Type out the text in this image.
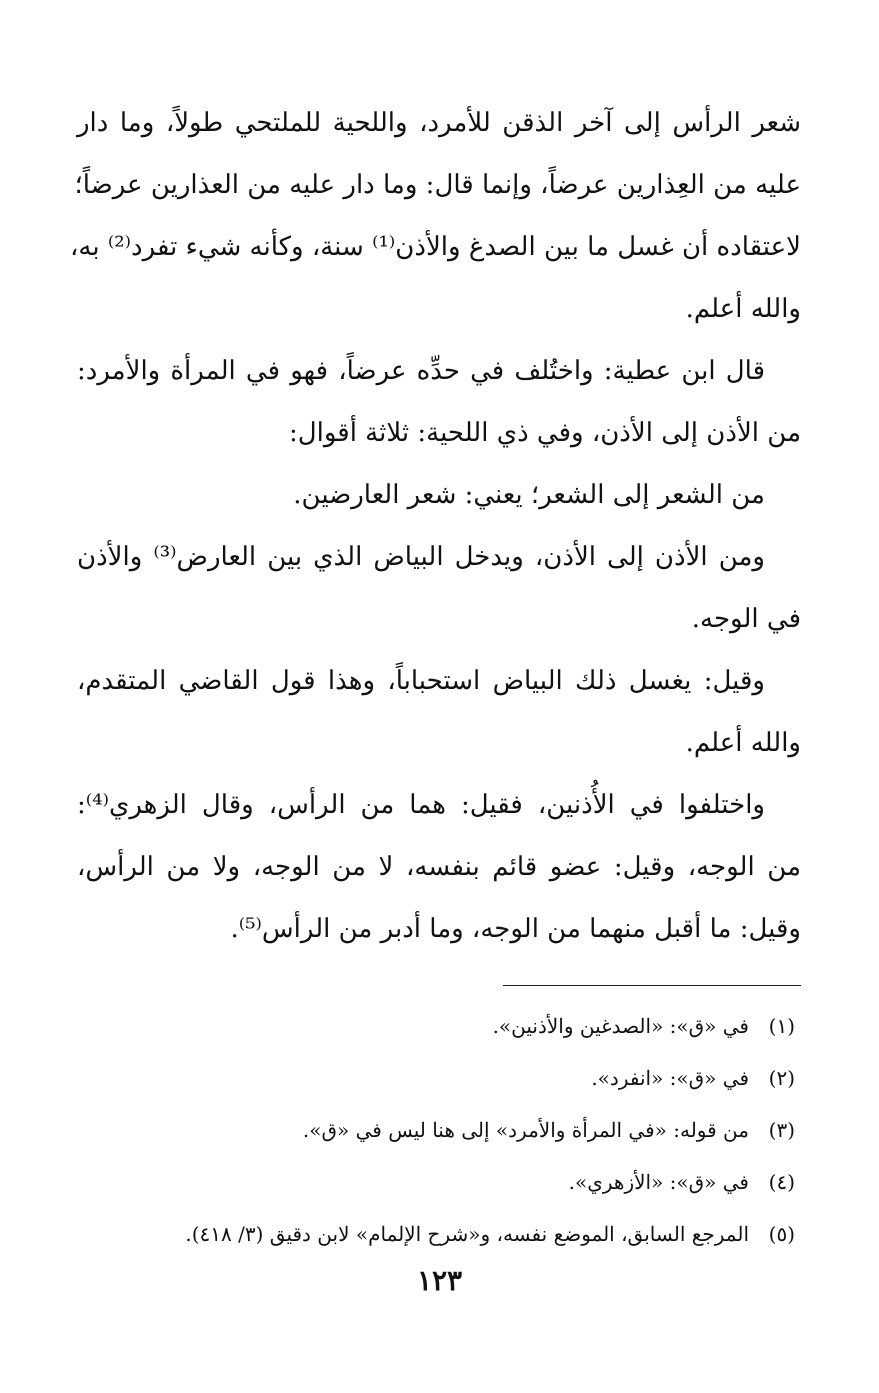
شعر الرأس إلى آخر الذقن للأمرد، واللحية للملتحي طولاً، وما دار
عليه من العِذارين عرضاً، وإنما قال: وما دار عليه من العذارين عرضاً؛
لاعتقاده أن غسل ما بين الصدغ والأذن⁽¹⁾ سنة، وكأنه شيء تفرد⁽²⁾ به،
والله أعلم.
قال ابن عطية: واختُلف في حدِّه عرضاً، فهو في المرأة والأمرد:
من الأذن إلى الأذن، وفي ذي اللحية: ثلاثة أقوال:
من الشعر إلى الشعر؛ يعني: شعر العارضين.
ومن الأذن إلى الأذن، ويدخل البياض الذي بين العارض⁽³⁾ والأذن
في الوجه.
وقيل: يغسل ذلك البياض استحباباً، وهذا قول القاضي المتقدم،
والله أعلم.
واختلفوا في الأُذنين، فقيل: هما من الرأس، وقال الزهري⁽⁴⁾:
من الوجه، وقيل: عضو قائم بنفسه، لا من الوجه، ولا من الرأس،
وقيل: ما أقبل منهما من الوجه، وما أدبر من الرأس⁽⁵⁾.
(١)
في «ق»: «الصدغين والأذنين».
(٢)
في «ق»: «انفرد».
(٣)
من قوله: «في المرأة والأمرد» إلى هنا ليس في «ق».
(٤)
في «ق»: «الأزهري».
(٥)
المرجع السابق، الموضع نفسه، و«شرح الإلمام» لابن دقيق (٣/ ٤١٨).
١٢٣
